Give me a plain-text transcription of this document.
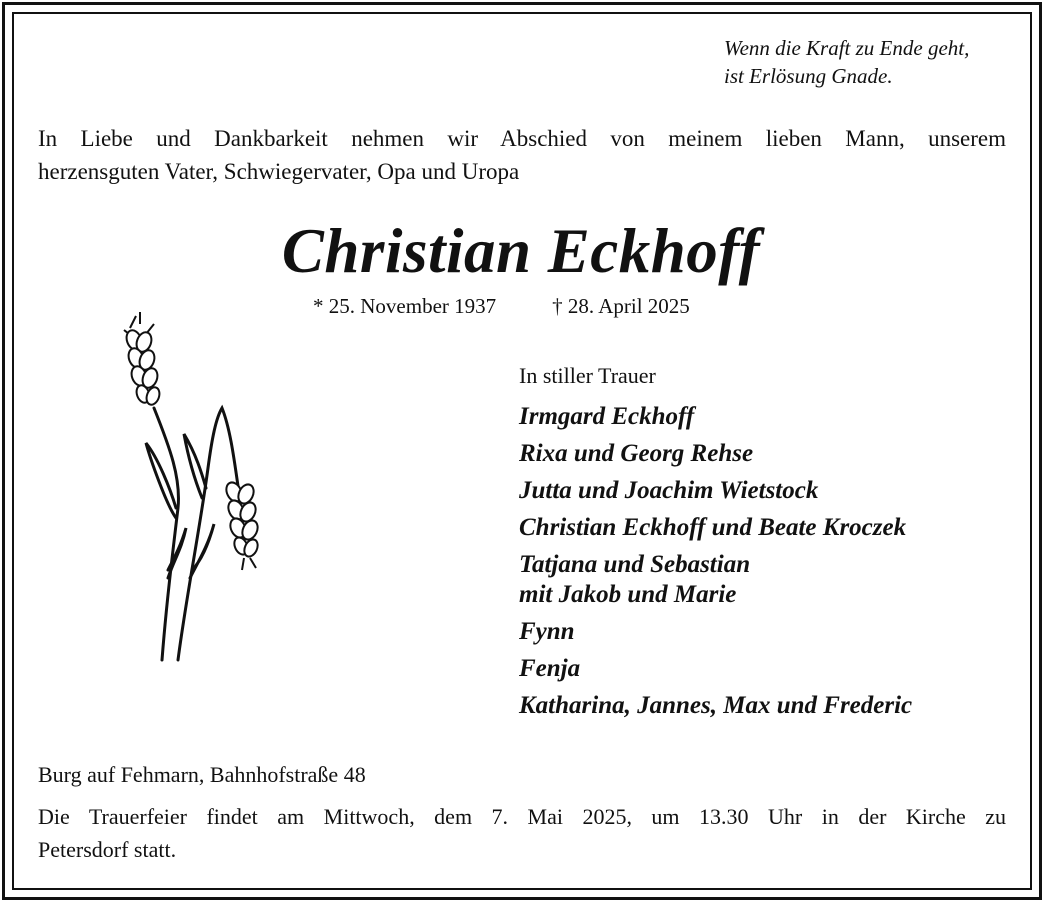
Wenn die Kraft zu Ende geht,
ist Erlösung Gnade.
In Liebe und Dankbarkeit nehmen wir Abschied von meinem lieben Mann, unserem
herzensguten Vater, Schwiegervater, Opa und Uropa
Christian Eckhoff
* 25. November 1937	† 28. April 2025
In stiller Trauer
Irmgard Eckhoff
Rixa und Georg Rehse
Jutta und Joachim Wietstock
Christian Eckhoff und Beate Kroczek
Tatjana und Sebastian
mit Jakob und Marie
Fynn
Fenja
Katharina, Jannes, Max und Frederic
Burg auf Fehmarn, Bahnhofstraße 48
Die Trauerfeier findet am Mittwoch, dem 7. Mai 2025, um 13.30 Uhr in der Kirche zu
Petersdorf statt.
